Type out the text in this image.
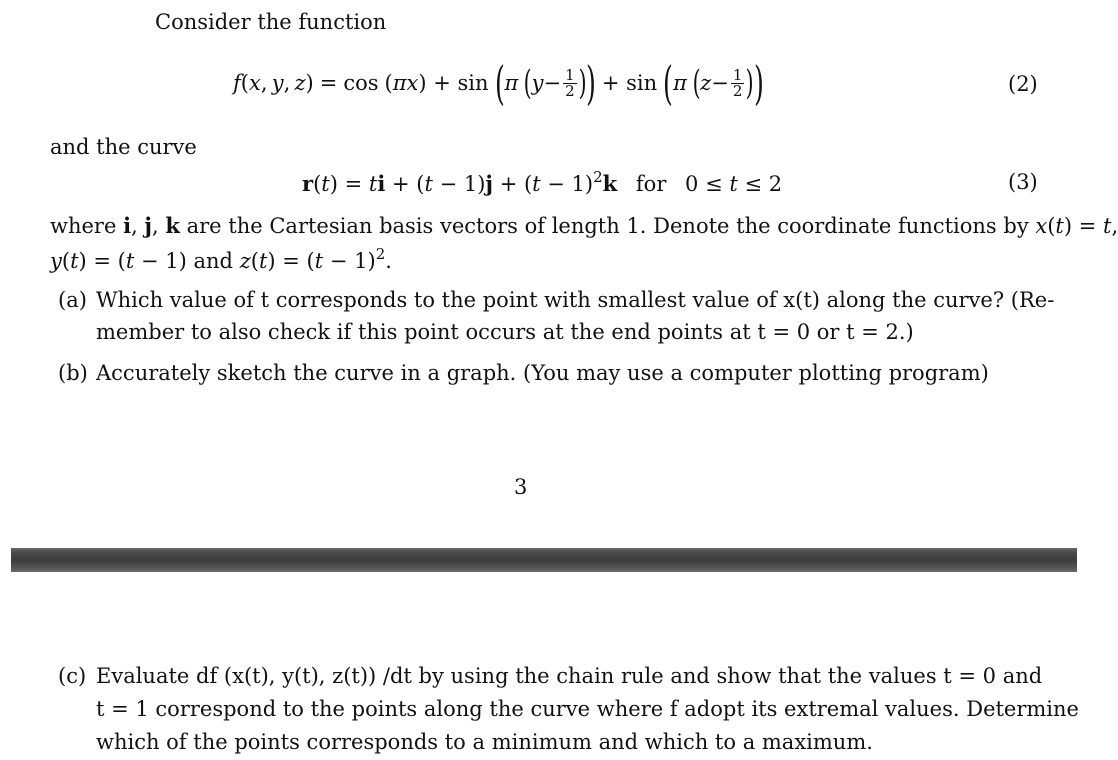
Consider the function
f ( x ,  y ,  z )
=
cos
( πx ) + sin ( π ( $y - \frac{1}{2}$ ) ) + sin ( π ( $z - \frac{1}{2}$ ) )	(2)
and the curve
r(t) = ti + $(t - 1)j + (t - 1)^2k$ for 0 ≤ t ≤ 2	(3)
where i, j, k are the Cartesian basis vectors of length 1. Denote the coordinate functions by x(t) = t,
y(t) = (t − 1) and $z(t) = (t - 1)^2$.
(a) Which value of t corresponds to the point with smallest value of x(t) along the curve? (Re-
member to also check if this point occurs at the end points at t = 0 or t = 2.)
(b) Accurately sketch the curve in a graph. (You may use a computer plotting program)
3
(c) Evaluate df (x(t), y(t), z(t)) /dt by using the chain rule and show that the values t = 0 and
t = 1 correspond to the points along the curve where f adopt its extremal values. Determine
which of the points corresponds to a minimum and which to a maximum.
